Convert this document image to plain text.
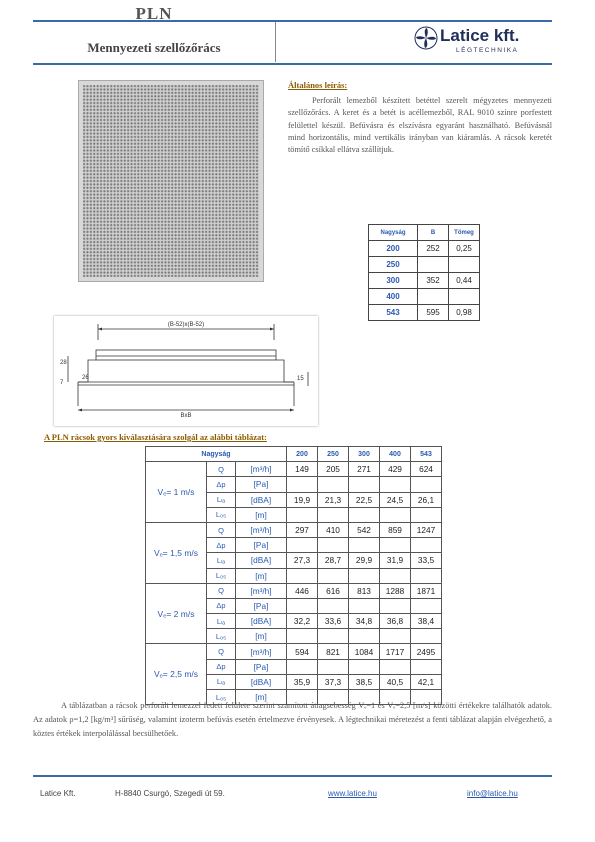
PLN
Mennyezeti szellőzőrács
Latice kft.
LÉGTECHNIKA
Általános leírás:
Perforált lemezből készített betéttel szerelt mégyzetes mennyezeti szellőzőrács. A keret és a betét is acéllemezből, RAL 9010 színre porfestett felülettel készül. Befúvásra és elszívásra egyaránt használható. Befúvásnál mind horizontális, mind vertikális irányban van kiáramlás. A rácsok keretét tömítő csíkkal ellátva szállítjuk.
Nagyság	B	Tömeg
200	252	0,25
250		
300	352	0,44
400		
543	595	0,98
(B-52)x(B-52)
BxB
28
7
26	15
A PLN rácsok gyors kiválasztására szolgál az alábbi táblázat:
Nagyság			200	250	300	400	543
Vₑ= 1 m/s	Q	[m³/h]	149	205	271	429	624
	Δp	[Pa]					
	Lₗₐ	[dBA]	19,9	21,3	22,5	24,5	26,1
	L₀₅	[m]					
Vₑ= 1,5 m/s	Q	[m³/h]	297	410	542	859	1247
	Δp	[Pa]					
	Lₗₐ	[dBA]	27,3	28,7	29,9	31,9	33,5
	L₀₅	[m]					
Vₑ= 2 m/s	Q	[m³/h]	446	616	813	1288	1871
	Δp	[Pa]					
	Lₗₐ	[dBA]	32,2	33,6	34,8	36,8	38,4
	L₀₅	[m]					
Vₑ= 2,5 m/s	Q	[m³/h]	594	821	1084	1717	2495
	Δp	[Pa]					
	Lₗₐ	[dBA]	35,9	37,3	38,5	40,5	42,1
	L₀₅	[m]					
A táblázatban a rácsok perforált lemezzel fedett felülete szerint számított átlagsebesség Vₑ=1 és Vₑ=2,5 [m/s] közötti értékekre találhatók adatok. Az adatok ρ=1,2 [kg/m³] sűrűség, valamint izoterm befúvás esetén értelmezve érvényesek. A légtechnikai méretezést a fenti táblázat alapján elvégezhető, a köztes értékek interpolálással becsülhetőek.
Latice Kft.	H-8840 Csurgó, Szegedi út 59.	www.latice.hu	info@latice.hu
